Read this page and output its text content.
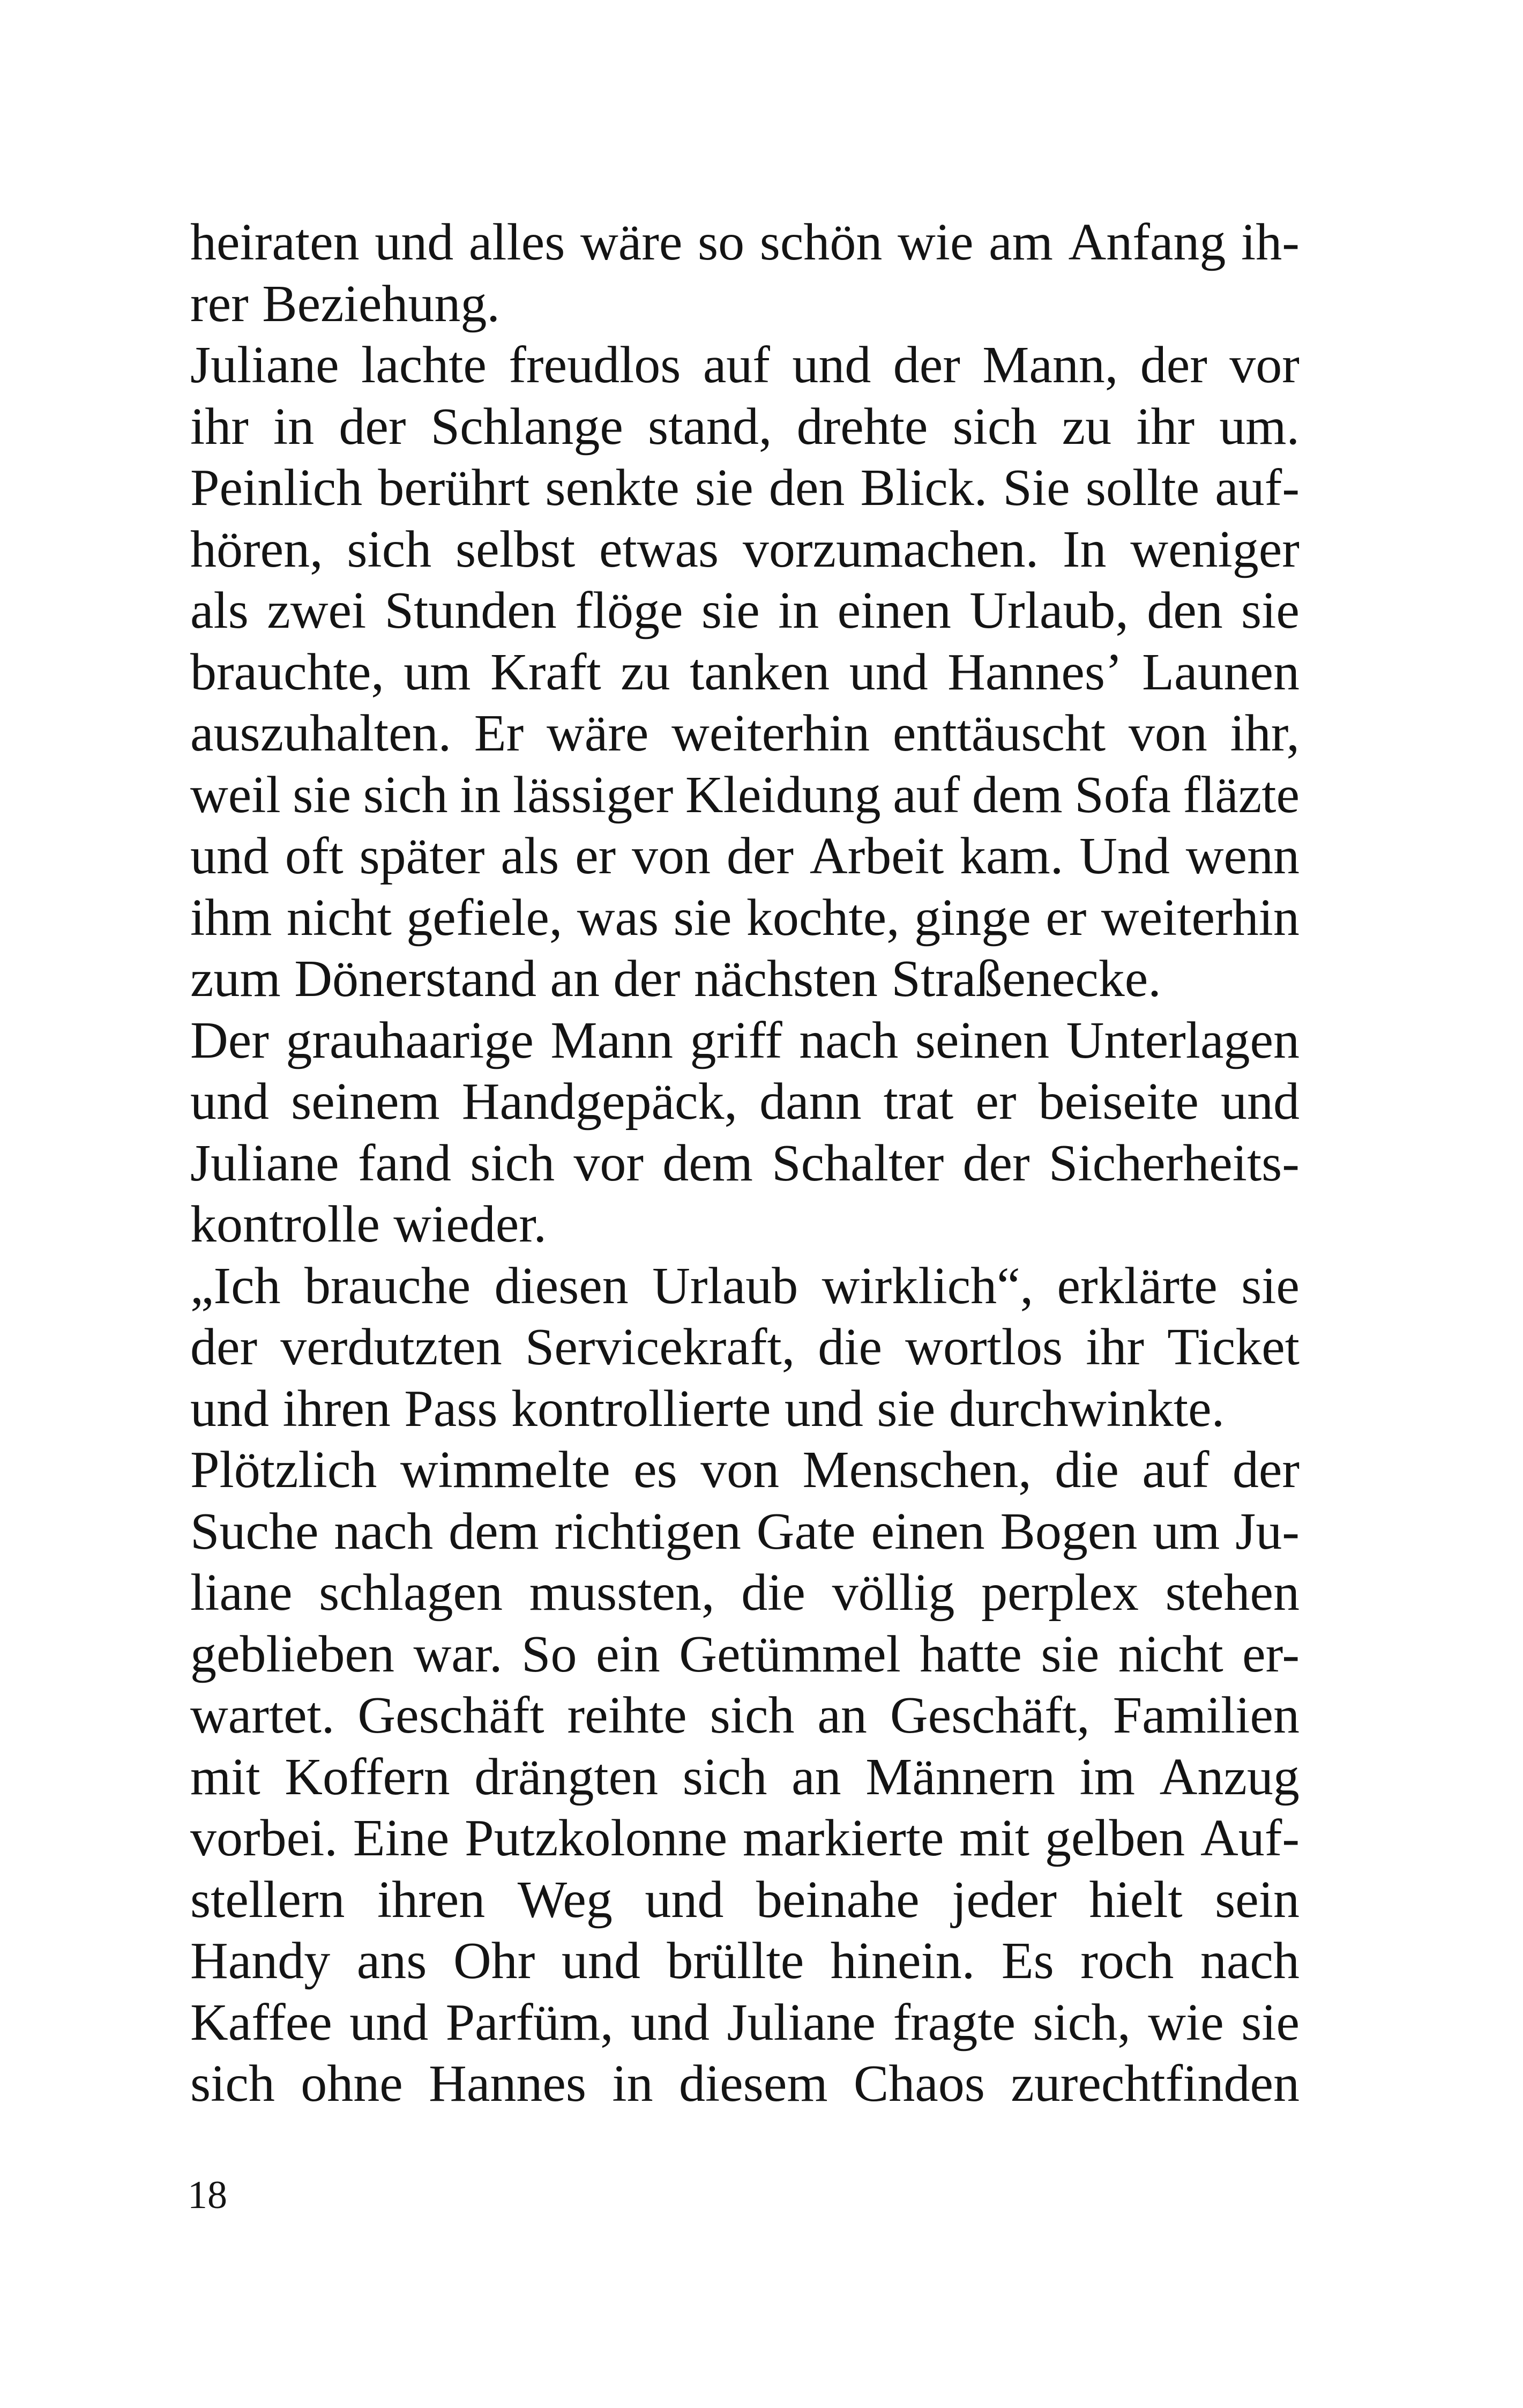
heiraten und alles wäre so schön wie am Anfang ih-
rer Beziehung.
Juliane lachte freudlos auf und der Mann, der vor
ihr in der Schlange stand, drehte sich zu ihr um.
Peinlich berührt senkte sie den Blick. Sie sollte auf-
hören, sich selbst etwas vorzumachen. In weniger
als zwei Stunden flöge sie in einen Urlaub, den sie
brauchte, um Kraft zu tanken und Hannes’ Launen
auszuhalten. Er wäre weiterhin enttäuscht von ihr,
weil sie sich in lässiger Kleidung auf dem Sofa fläzte
und oft später als er von der Arbeit kam. Und wenn
ihm nicht gefiele, was sie kochte, ginge er weiterhin
zum Dönerstand an der nächsten Straßenecke.
Der grauhaarige Mann griff nach seinen Unterlagen
und seinem Handgepäck, dann trat er beiseite und
Juliane fand sich vor dem Schalter der Sicherheits-
kontrolle wieder.
„Ich brauche diesen Urlaub wirklich“, erklärte sie
der verdutzten Servicekraft, die wortlos ihr Ticket
und ihren Pass kontrollierte und sie durchwinkte.
Plötzlich wimmelte es von Menschen, die auf der
Suche nach dem richtigen Gate einen Bogen um Ju-
liane schlagen mussten, die völlig perplex stehen
geblieben war. So ein Getümmel hatte sie nicht er-
wartet. Geschäft reihte sich an Geschäft, Familien
mit Koffern drängten sich an Männern im Anzug
vorbei. Eine Putzkolonne markierte mit gelben Auf-
stellern ihren Weg und beinahe jeder hielt sein
Handy ans Ohr und brüllte hinein. Es roch nach
Kaffee und Parfüm, und Juliane fragte sich, wie sie
sich ohne Hannes in diesem Chaos zurechtfinden
18
